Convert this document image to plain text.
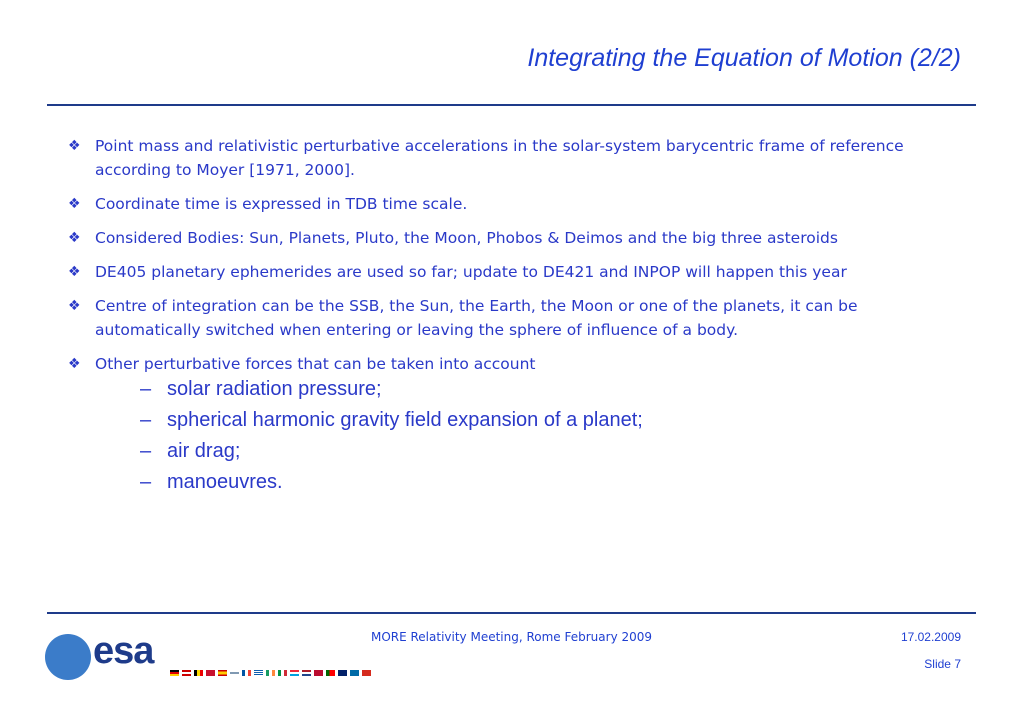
Integrating the Equation of Motion (2/2)
❖ Point mass and relativistic perturbative accelerations in the solar-system barycentric frame of reference according to Moyer [1971, 2000].
❖ Coordinate time is expressed in TDB time scale.
❖ Considered Bodies: Sun, Planets, Pluto, the Moon, Phobos & Deimos and the big three asteroids
❖ DE405 planetary ephemerides are used so far; update to DE421 and INPOP will happen this year
❖ Centre of integration can be the SSB, the Sun, the Earth, the Moon or one of the planets, it can be automatically switched when entering or leaving the sphere of influence of a body.
❖ Other perturbative forces that can be taken into account
– solar radiation pressure;
– spherical harmonic gravity field expansion of a planet;
– air drag;
– manoeuvres.
esa	MORE Relativity Meeting, Rome February 2009	17.02.2009
Slide 7
